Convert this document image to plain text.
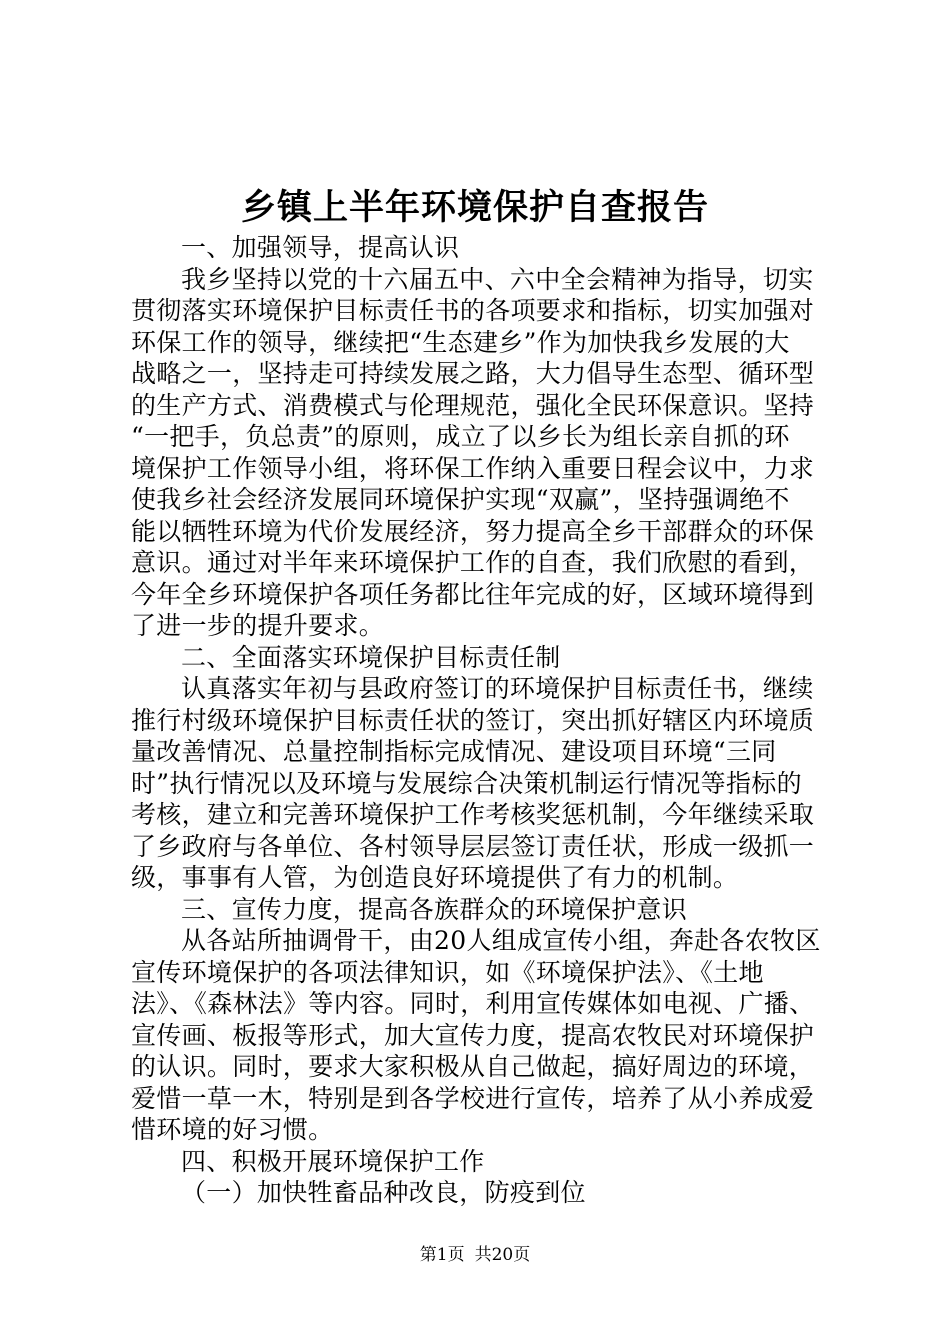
乡镇上半年环境保护自查报告
一、加强领导，提高认识
我乡坚持以党的十六届五中、六中全会精神为指导，切实
贯彻落实环境保护目标责任书的各项要求和指标，切实加强对
环保工作的领导，继续把“生态建乡”作为加快我乡发展的大
战略之一，坚持走可持续发展之路，大力倡导生态型、循环型
的生产方式、消费模式与伦理规范，强化全民环保意识。坚持
“一把手，负总责”的原则，成立了以乡长为组长亲自抓的环
境保护工作领导小组，将环保工作纳入重要日程会议中，力求
使我乡社会经济发展同环境保护实现“双赢”，坚持强调绝不
能以牺牲环境为代价发展经济，努力提高全乡干部群众的环保
意识。通过对半年来环境保护工作的自查，我们欣慰的看到，
今年全乡环境保护各项任务都比往年完成的好，区域环境得到
了进一步的提升要求。
二、全面落实环境保护目标责任制
认真落实年初与县政府签订的环境保护目标责任书，继续
推行村级环境保护目标责任状的签订，突出抓好辖区内环境质
量改善情况、总量控制指标完成情况、建设项目环境“三同
时”执行情况以及环境与发展综合决策机制运行情况等指标的
考核，建立和完善环境保护工作考核奖惩机制，今年继续采取
了乡政府与各单位、各村领导层层签订责任状，形成一级抓一
级，事事有人管，为创造良好环境提供了有力的机制。
三、宣传力度，提高各族群众的环境保护意识
从各站所抽调骨干，由20人组成宣传小组，奔赴各农牧区
宣传环境保护的各项法律知识，如《环境保护法》、《土地
法》、《森林法》等内容。同时，利用宣传媒体如电视、广播、
宣传画、板报等形式，加大宣传力度，提高农牧民对环境保护
的认识。同时，要求大家积极从自己做起，搞好周边的环境，
爱惜一草一木，特别是到各学校进行宣传，培养了从小养成爱
惜环境的好习惯。
四、积极开展环境保护工作
（一）加快牲畜品种改良，防疫到位
第1页 共20页
